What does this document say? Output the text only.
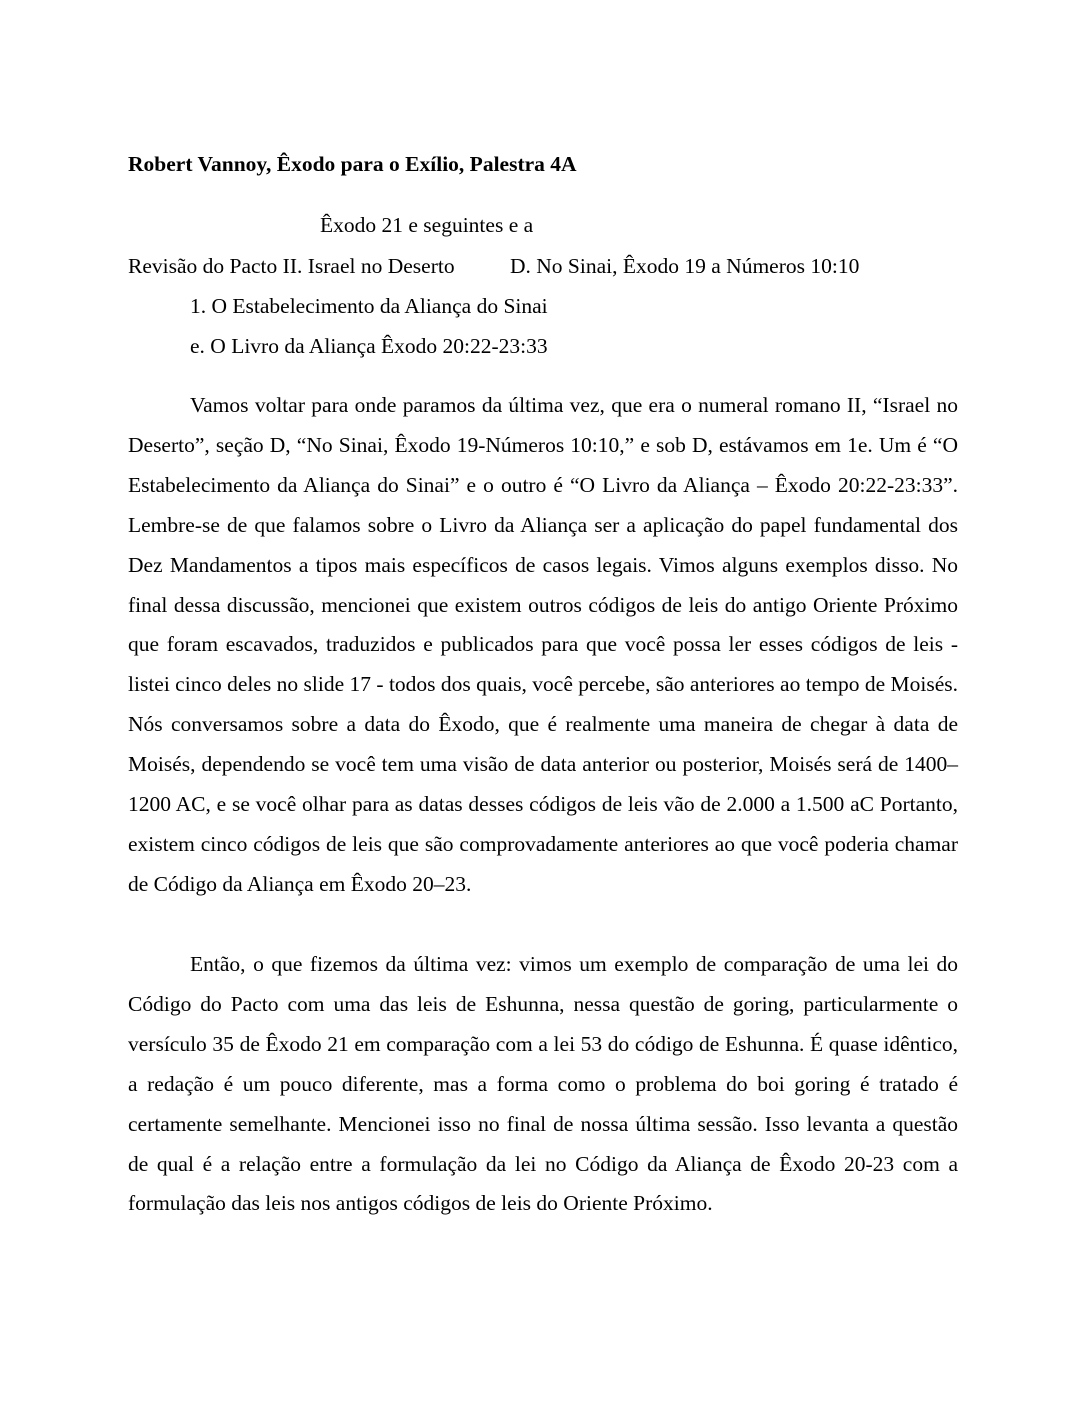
Robert Vannoy, Êxodo para o Exílio, Palestra 4A
Êxodo 21 e seguintes e a
Revisão do Pacto II. Israel no Deserto	D. No Sinai, Êxodo 19 a Números 10:10
1. O Estabelecimento da Aliança do Sinai
e. O Livro da Aliança Êxodo 20:22-23:33

Vamos voltar para onde paramos da última vez, que era o numeral romano II, “Israel no Deserto”, seção D, “No Sinai, Êxodo 19-Números 10:10,” e sob D, estávamos em 1e. Um é “O Estabelecimento da Aliança do Sinai” e o outro é “O Livro da Aliança – Êxodo 20:22-23:33”. Lembre-se de que falamos sobre o Livro da Aliança ser a aplicação do papel fundamental dos Dez Mandamentos a tipos mais específicos de casos legais. Vimos alguns exemplos disso. No final dessa discussão, mencionei que existem outros códigos de leis do antigo Oriente Próximo que foram escavados, traduzidos e publicados para que você possa ler esses códigos de leis - listei cinco deles no slide 17 - todos dos quais, você percebe, são anteriores ao tempo de Moisés. Nós conversamos sobre a data do Êxodo, que é realmente uma maneira de chegar à data de Moisés, dependendo se você tem uma visão de data anterior ou posterior, Moisés será de 1400–1200 AC, e se você olhar para as datas desses códigos de leis vão de 2.000 a 1.500 aC Portanto, existem cinco códigos de leis que são comprovadamente anteriores ao que você poderia chamar de Código da Aliança em Êxodo 20–23.

Então, o que fizemos da última vez: vimos um exemplo de comparação de uma lei do Código do Pacto com uma das leis de Eshunna, nessa questão de goring, particularmente o versículo 35 de Êxodo 21 em comparação com a lei 53 do código de Eshunna. É quase idêntico, a redação é um pouco diferente, mas a forma como o problema do boi goring é tratado é certamente semelhante. Mencionei isso no final de nossa última sessão. Isso levanta a questão de qual é a relação entre a formulação da lei no Código da Aliança de Êxodo 20-23 com a formulação das leis nos antigos códigos de leis do Oriente Próximo.
